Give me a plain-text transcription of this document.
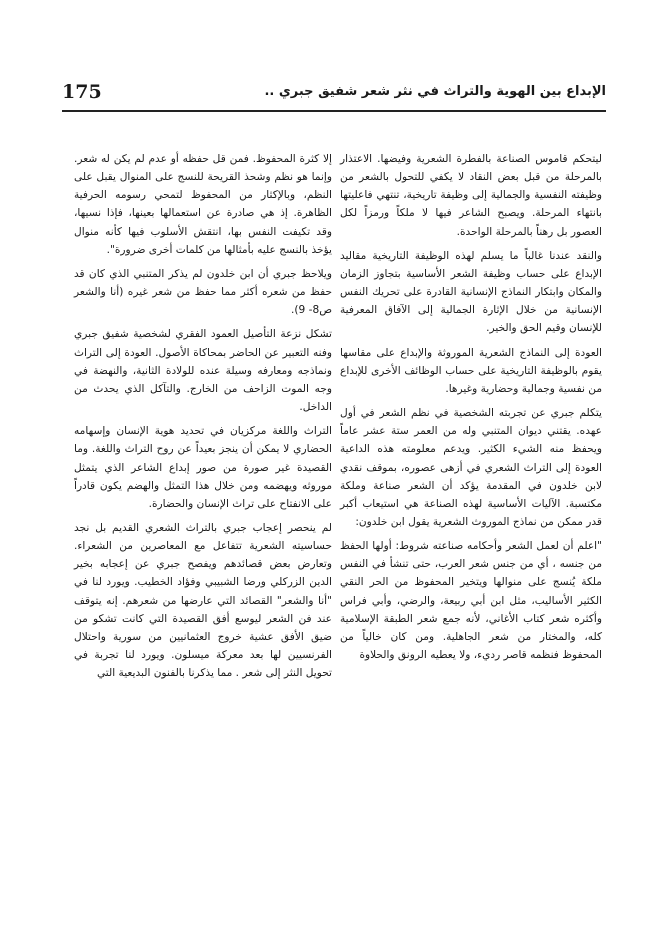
175	الإبداع بين الهوية والتراث في نثر شعر شفيق جبري ..

ليتحكم قاموس الصناعة بالفطرة الشعرية وفيضها. الاعتذار بالمرحلة من قبل بعض النقاد لا يكفي للتحول بالشعر من وظيفته النفسية والجمالية إلى وظيفة تاريخية، تنتهي فاعليتها بانتهاء المرحلة. ويصبح الشاعر فيها لا ملكاً ورمزاً لكل العصور بل رهناً بالمرحلة الواحدة.

والنقد عندنا غالباً ما يسلم لهذه الوظيفة التاريخية مقاليد الإبداع على حساب وظيفة الشعر الأساسية بتجاوز الزمان والمكان وابتكار النماذج الإنسانية القادرة على تحريك النفس الإنسانية من خلال الإثارة الجمالية إلى الآفاق المعرفية للإنسان وقيم الحق والخير.

العودة إلى النماذج الشعرية الموروثة والإبداع على مقاسها يقوم بالوظيفة التاريخية على حساب الوظائف الأخرى للإبداع من نفسية وجمالية وحضارية وغيرها.

يتكلم جبري عن تجربته الشخصية في نظم الشعر في أول عهده. يقتني ديوان المتنبي وله من العمر ستة عشر عاماً ويحفظ منه الشيء الكثير. ويدعم معلومته هذه الداعية العودة إلى التراث الشعري في أزهى عصوره، بموقف نقدي لابن خلدون في المقدمة يؤكد أن الشعر صناعة وملكة مكتسبة. الآليات الأساسية لهذه الصناعة هي استيعاب أكبر قدر ممكن من نماذج الموروث الشعرية يقول ابن خلدون:

"اعلم أن لعمل الشعر وأحكامه صناعته شروط: أولها الحفظ من جنسه ، أي من جنس شعر العرب، حتى تنشأ في النفس ملكة يُنسج على منوالها ويتخير المحفوظ من الحر النقي الكثير الأساليب، مثل ابن أبي ربيعة، والرضي، وأبي فراس وأكثره شعر كتاب الأغاني، لأنه جمع شعر الطبقة الإسلامية كله، والمختار من شعر الجاهلية. ومن كان خالياً من المحفوظ فنظمه قاصر رديء، ولا يعطيه الرونق والحلاوة

إلا كثرة المحفوظ. فمن قل حفظه أو عدم لم يكن له شعر. وإنما هو نظم وشحذ القريحة للنسج على المنوال يقبل على النظم، وبالإكثار من المحفوظ لتمحي رسومه الحرفية الظاهرة. إذ هي صادرة عن استعمالها بعينها، فإذا نسيها، وقد تكيفت النفس بها، انتقش الأسلوب فيها كأنه منوال يؤخذ بالنسج عليه بأمثالها من كلمات أخرى ضرورة".

ويلاحظ جبري أن ابن خلدون لم يذكر المتنبي الذي كان قد حفظ من شعره أكثر مما حفظ من شعر غيره (أنا والشعر ص8- 9).

تشكل نزعة التأصيل العمود الفقري لشخصية شفيق جبري وفنه التعبير عن الحاضر بمحاكاة الأصول. العودة إلى التراث ونماذجه ومعارفه وسيلة عنده للولادة الثانية، والنهضة في وجه الموت الزاحف من الخارج. والتآكل الذي يحدث من الداخل.

التراث واللغة مركزيان في تحديد هوية الإنسان وإسهامه الحضاري لا يمكن أن ينجز بعيداً عن روح التراث واللغة. وما القصيدة غير صورة من صور إبداع الشاعر الذي يتمثل موروثه ويهضمه ومن خلال هذا التمثل والهضم يكون قادراً على الانفتاح على تراث الإنسان والحضارة.

لم ينحصر إعجاب جبري بالتراث الشعري القديم بل نجد حساسيته الشعرية تتفاعل مع المعاصرين من الشعراء. وتعارض بعض قصائدهم ويفصح جبري عن إعجابه بخير الدين الزركلي ورضا الشبيبي وفؤاد الخطيب. ويورد لنا في "أنا والشعر" القصائد التي عارضها من شعرهم. إنه يتوقف عند فن الشعر ليوسع أفق القصيدة التي كانت تشكو من ضيق الأفق عشية خروج العثمانيين من سورية واحتلال الفرنسيين لها بعد معركة ميسلون. ويورد لنا تجربة في تحويل النثر إلى شعر . مما يذكرنا بالفنون البديعية التي
